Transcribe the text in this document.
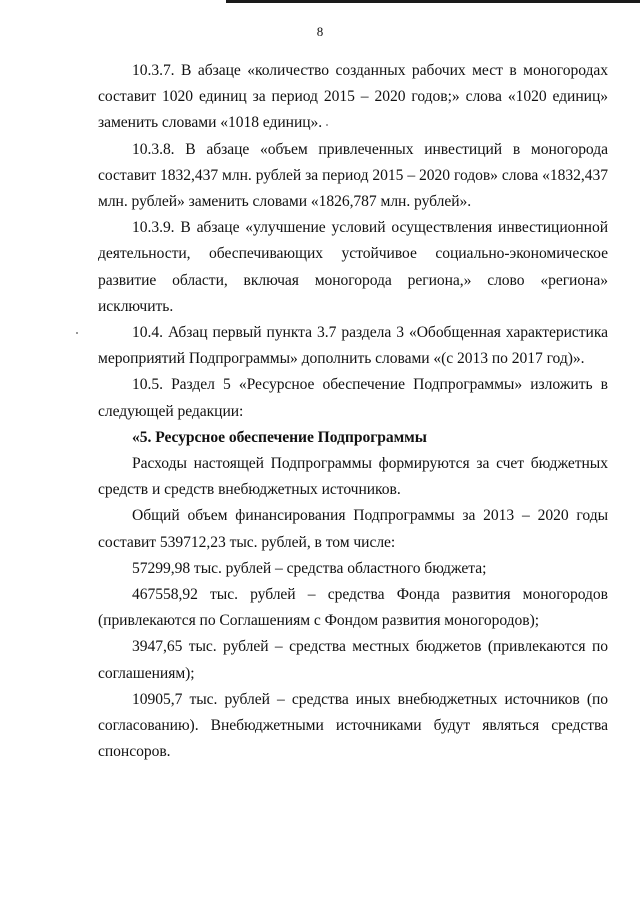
8

10.3.7. В абзаце «количество созданных рабочих мест в моногородах составит 1020 единиц за период 2015 – 2020 годов;» слова «1020 единиц» заменить словами «1018 единиц».

10.3.8. В абзаце «объем привлеченных инвестиций в моногорода составит 1832,437 млн. рублей за период 2015 – 2020 годов» слова «1832,437 млн. рублей» заменить словами «1826,787 млн. рублей».

10.3.9. В абзаце «улучшение условий осуществления инвестиционной деятельности, обеспечивающих устойчивое социально-экономическое развитие области, включая моногорода региона,» слово «региона» исключить.

10.4. Абзац первый пункта 3.7 раздела 3 «Обобщенная характеристика мероприятий Подпрограммы» дополнить словами «(с 2013 по 2017 год)».

10.5. Раздел 5 «Ресурсное обеспечение Подпрограммы» изложить в следующей редакции:

«5. Ресурсное обеспечение Подпрограммы

Расходы настоящей Подпрограммы формируются за счет бюджетных средств и средств внебюджетных источников.

Общий объем финансирования Подпрограммы за 2013 – 2020 годы составит 539712,23 тыс. рублей, в том числе:

57299,98 тыс. рублей – средства областного бюджета;

467558,92 тыс. рублей – средства Фонда развития моногородов (привлекаются по Соглашениям с Фондом развития моногородов);

3947,65 тыс. рублей – средства местных бюджетов (привлекаются по соглашениям);

10905,7 тыс. рублей – средства иных внебюджетных источников (по согласованию). Внебюджетными источниками будут являться средства спонсоров.
